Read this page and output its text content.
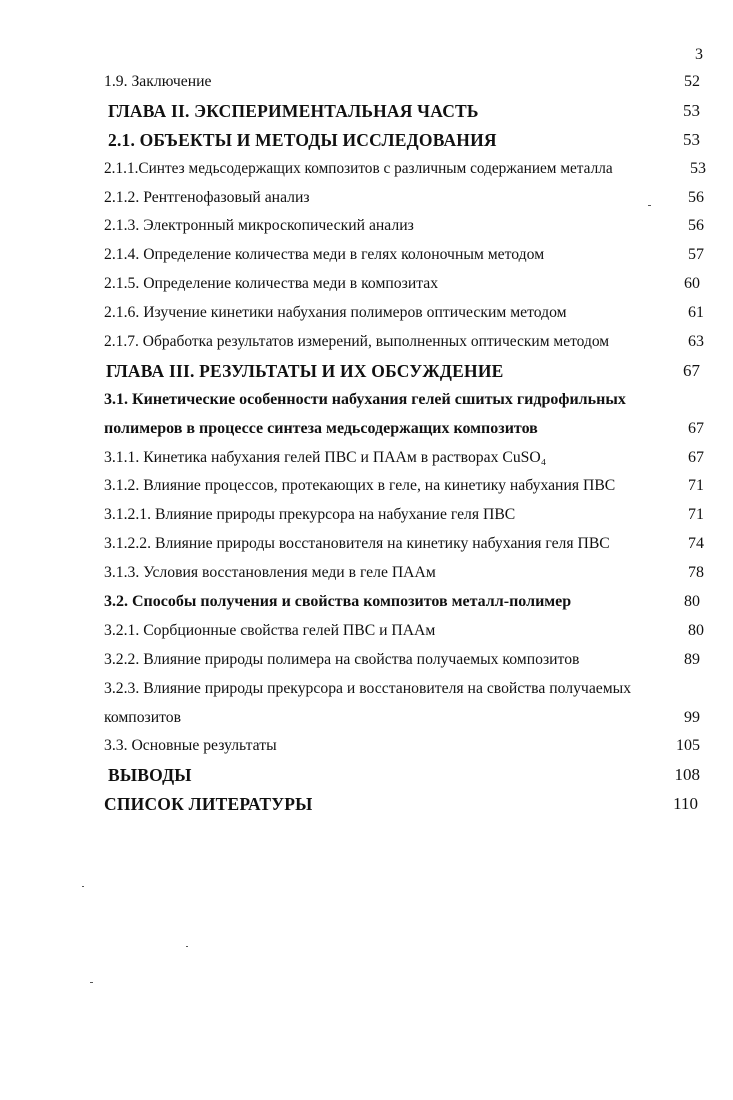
3
1.9. Заключение	52
ГЛАВА II. ЭКСПЕРИМЕНТАЛЬНАЯ ЧАСТЬ	53
2.1. ОБЪЕКТЫ И МЕТОДЫ ИССЛЕДОВАНИЯ	53
2.1.1.Синтез медьсодержащих композитов с различным содержанием металла	53
2.1.2. Рентгенофазовый анализ	56
2.1.3. Электронный микроскопический анализ	56
2.1.4. Определение количества меди в гелях колоночным методом	57
2.1.5. Определение количества меди в композитах	60
2.1.6. Изучение кинетики набухания полимеров оптическим методом	61
2.1.7. Обработка результатов измерений, выполненных оптическим методом	63
ГЛАВА III. РЕЗУЛЬТАТЫ И ИХ ОБСУЖДЕНИЕ	67
3.1. Кинетические особенности набухания гелей сшитых гидрофильных
полимеров в процессе синтеза медьсодержащих композитов	67
3.1.1. Кинетика набухания гелей ПВС и ПААм в растворах CuSO₄	67
3.1.2. Влияние процессов, протекающих в геле, на кинетику набухания ПВС	71
3.1.2.1. Влияние природы прекурсора на набухание геля ПВС	71
3.1.2.2. Влияние природы восстановителя на кинетику набухания геля ПВС	74
3.1.3. Условия восстановления меди в геле ПААм	78
3.2. Способы получения и свойства композитов металл-полимер	80
3.2.1. Сорбционные свойства гелей ПВС и ПААм	80
3.2.2. Влияние природы полимера на свойства получаемых композитов	89
3.2.3. Влияние природы прекурсора и восстановителя на свойства получаемых
композитов	99
3.3. Основные результаты	105
ВЫВОДЫ	108
СПИСОК ЛИТЕРАТУРЫ	110
